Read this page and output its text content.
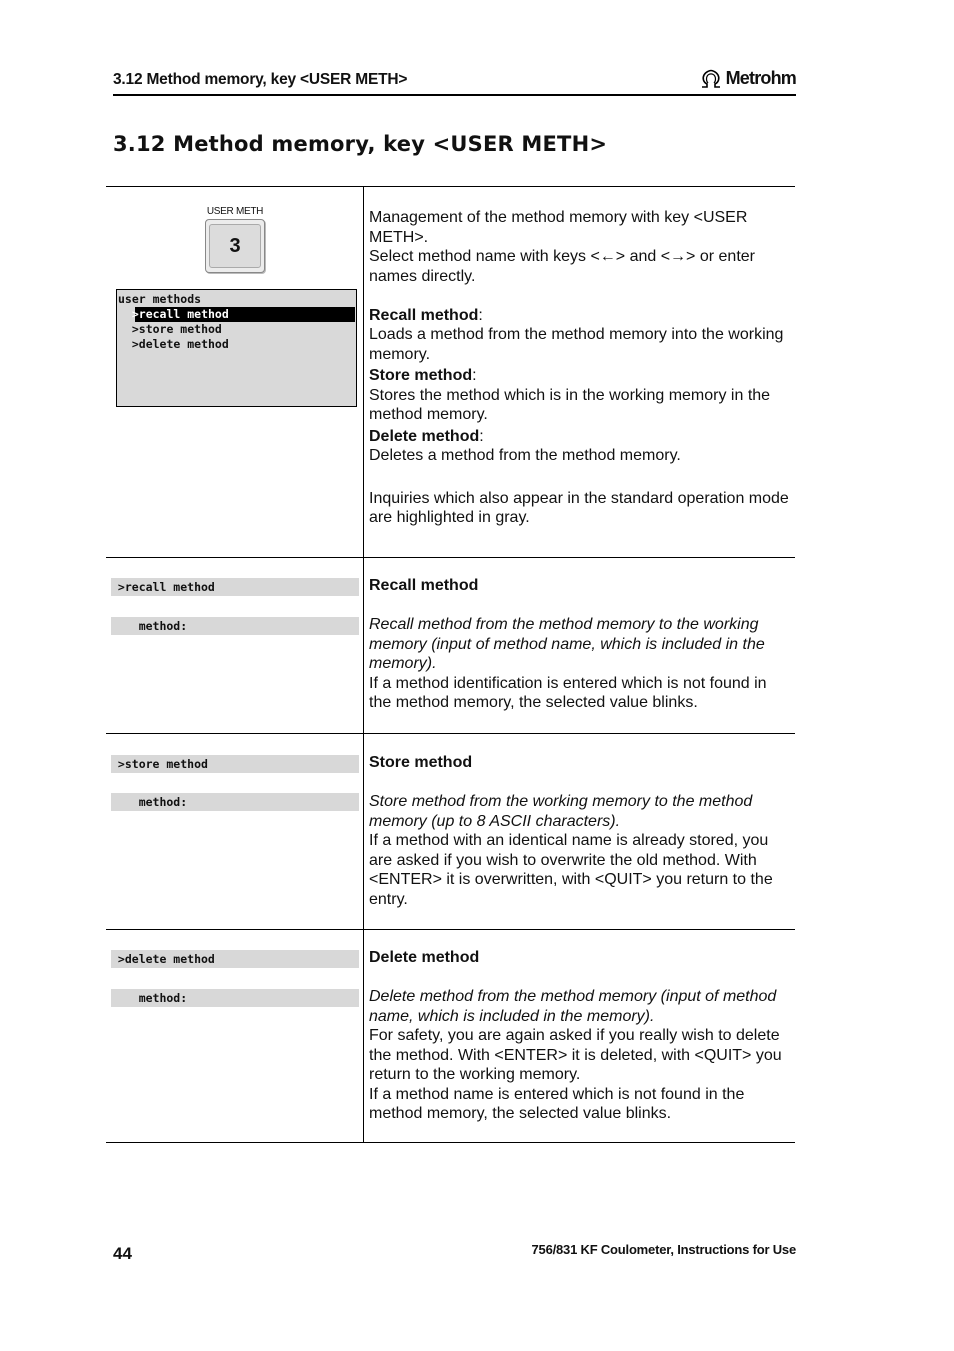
3.12 Method memory, key <USER METH>	Metrohm
3.12 Method memory, key <USER METH>
USER METH
3
user methods

>recall method

>store method
>delete method

Management of the method memory with key <USER METH>.

Select method name with keys <←> and <→> or enter names directly.

Recall method:

Loads a method from the method memory into the working memory.

Store method:

Stores the method which is in the working memory in the method memory.

Delete method:

Deletes a method from the method memory.

Inquiries which also appear in the standard operation mode are highlighted in gray.

>recall method
method:

Recall method

Recall method from the method memory to the working memory (input of method name, which is included in the memory).

If a method identification is entered which is not found in the method memory, the selected value blinks.

>store method
method:

Store method

Store method from the working memory to the method memory (up to 8 ASCII characters).

If a method with an identical name is already stored, you are asked if you wish to overwrite the old method. With <ENTER> it is overwritten, with <QUIT> you return to the entry.

>delete method
method:

Delete method

Delete method from the method memory (input of method name, which is included in the memory).

For safety, you are again asked if you really wish to delete the method. With <ENTER> it is deleted, with <QUIT> you return to the working memory.

If a method name is entered which is not found in the method memory, the selected value blinks.

44	756/831 KF Coulometer, Instructions for Use
